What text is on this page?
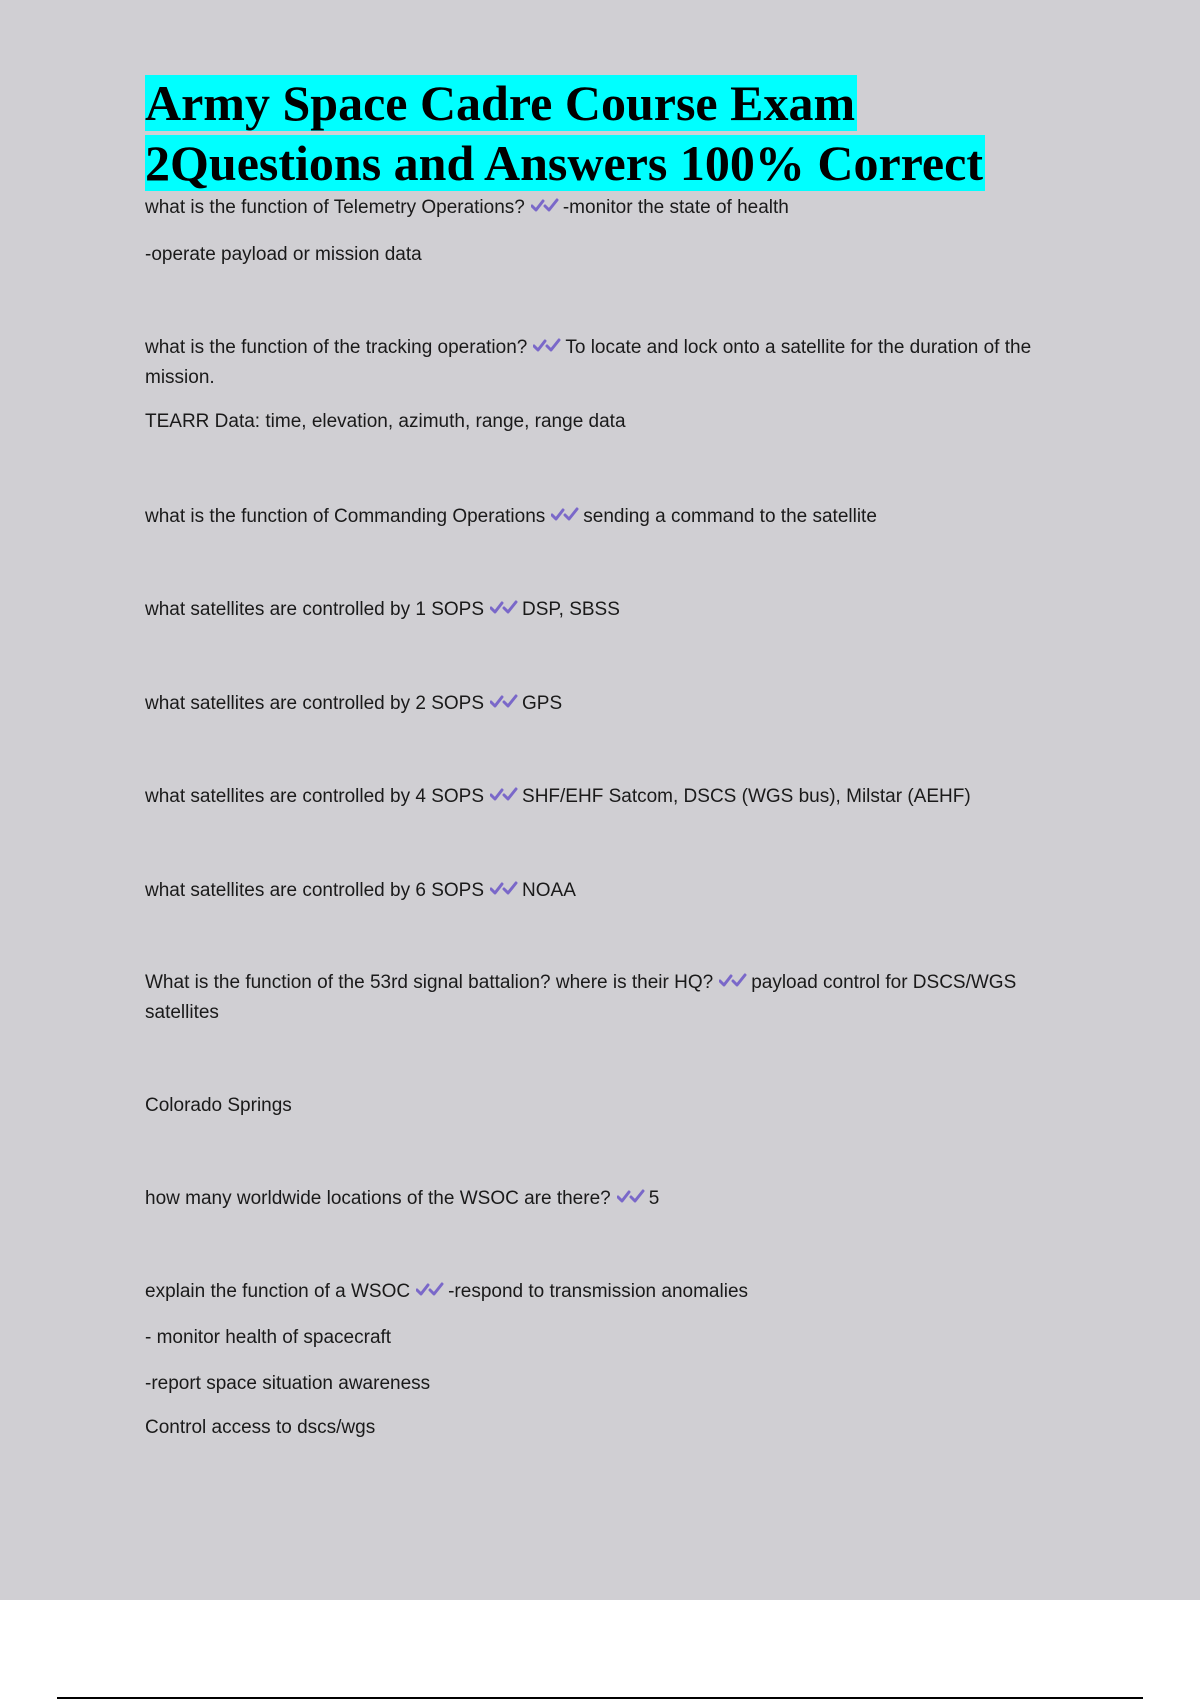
Army Space Cadre Course Exam
2Questions and Answers 100% Correct

what is the function of Telemetry Operations? -monitor the state of health

-operate payload or mission data

what is the function of the tracking operation? To locate and lock onto a satellite for the duration of the mission.

TEARR Data: time, elevation, azimuth, range, range data

what is the function of Commanding Operations sending a command to the satellite

what satellites are controlled by 1 SOPS DSP, SBSS

what satellites are controlled by 2 SOPS GPS

what satellites are controlled by 4 SOPS SHF/EHF Satcom, DSCS (WGS bus), Milstar (AEHF)

what satellites are controlled by 6 SOPS NOAA

What is the function of the 53rd signal battalion? where is their HQ? payload control for DSCS/WGS satellites

Colorado Springs

how many worldwide locations of the WSOC are there? 5

explain the function of a WSOC -respond to transmission anomalies

- monitor health of spacecraft

-report space situation awareness

Control access to dscs/wgs
